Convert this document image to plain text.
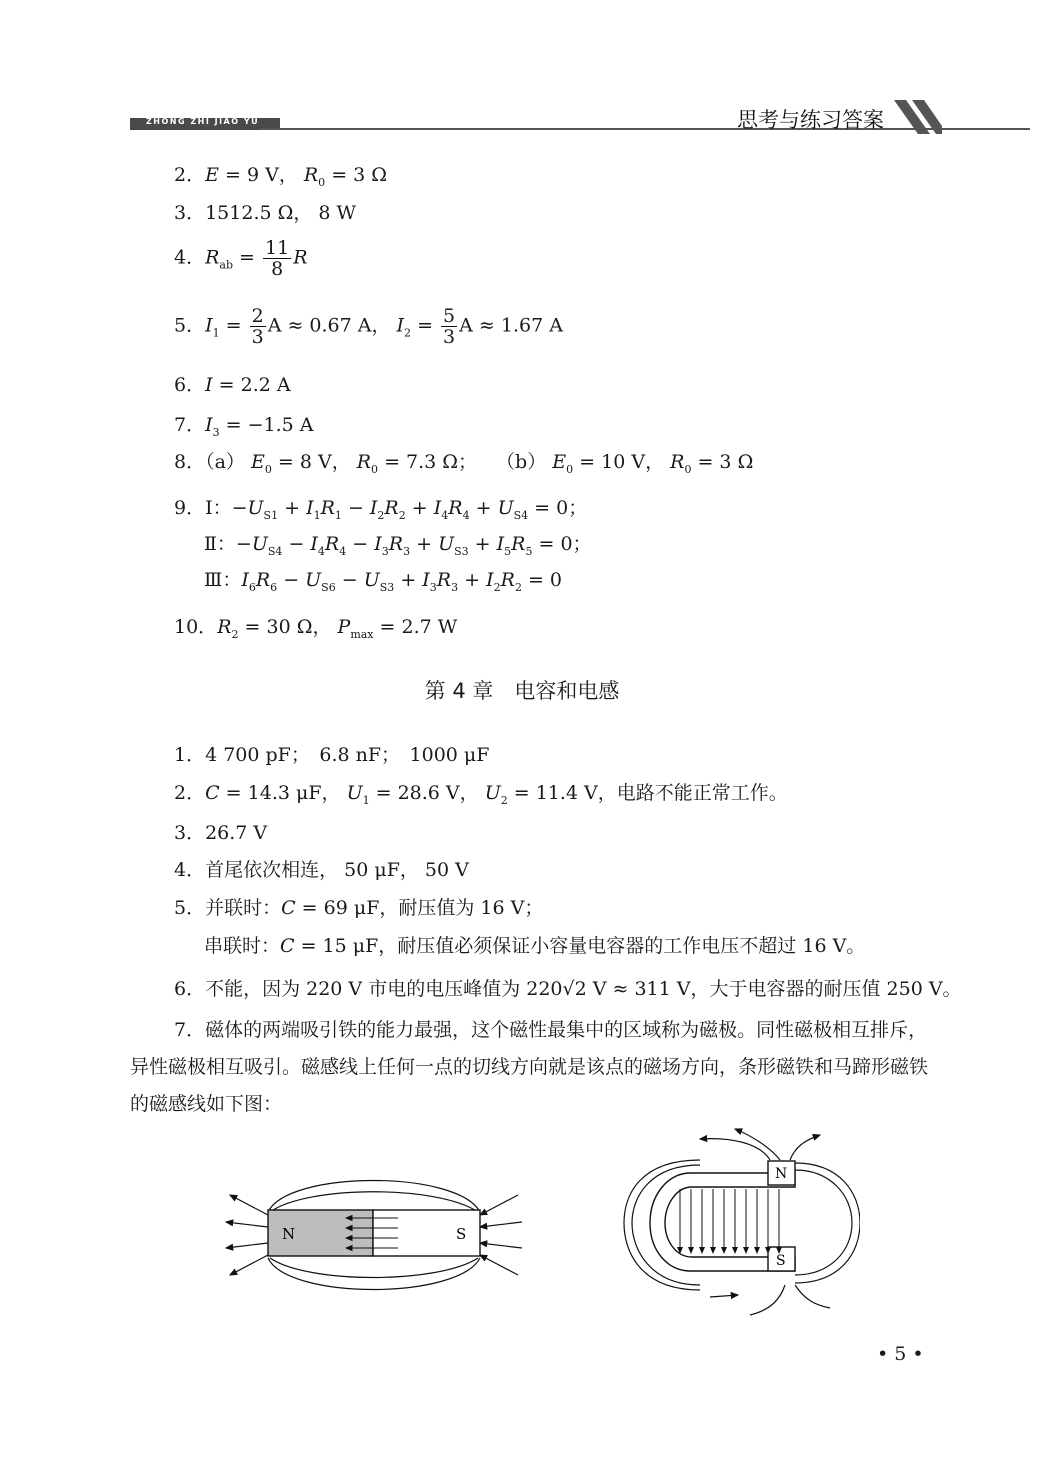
ZHONG ZHI JIAO YU	思考与练习答案
2．E = 9 V， $R_0 = 3$ Ω
3．1512.5 Ω， 8 W
4．$R_{ab} = \frac{11}{8}$ R
5．$I_1 = \frac{2}{3}$ A ≈ 0.67 A， $I_2 = \frac{5}{3}$ A ≈ 1.67 A
6．I = 2.2 A
7．$I_3 = -1.5$ A
8．（a） $E_0 = 8$ V， $R_0 = 7.3$ Ω；　　（b） $E_0 = 10$ V， $R_0 = 3$ Ω
9．Ⅰ：$-U_{S1} + I_1R_1 - I_2R_2 + I_4R_4 + U_{S4} = 0$；
Ⅱ：$-U_{S4} - I_4R_4 - I_3R_3 + U_{S3} + I_5R_5 = 0$；
Ⅲ：$I_6R_6 - U_{S6} - U_{S3} + I_3R_3 + I_2R_2 = 0$
10．$R_2 = 30$ Ω， $P_{max} = 2.7$ W
第 4 章　电容和电感
1．4 700 pF；　6.8 nF；　1000 μF
2．C = 14.3 μF， $U_1 = 28.6$ V， $U_2 = 11.4$ V，电路不能正常工作。
3．26.7 V
4．首尾依次相连， 50 μF， 50 V
5．并联时：C = 69 μF，耐压值为 16 V；
串联时：C = 15 μF，耐压值必须保证小容量电容器的工作电压不超过 16 V。
6．不能，因为 220 V 市电的电压峰值为 220√2 V ≈ 311 V，大于电容器的耐压值 250 V。
7．磁体的两端吸引铁的能力最强，这个磁性最集中的区域称为磁极。同性磁极相互排斥，异性磁极相互吸引。磁感线上任何一点的切线方向就是该点的磁场方向，条形磁铁和马蹄形磁铁的磁感线如下图：
N	S
N
S
• 5 •
